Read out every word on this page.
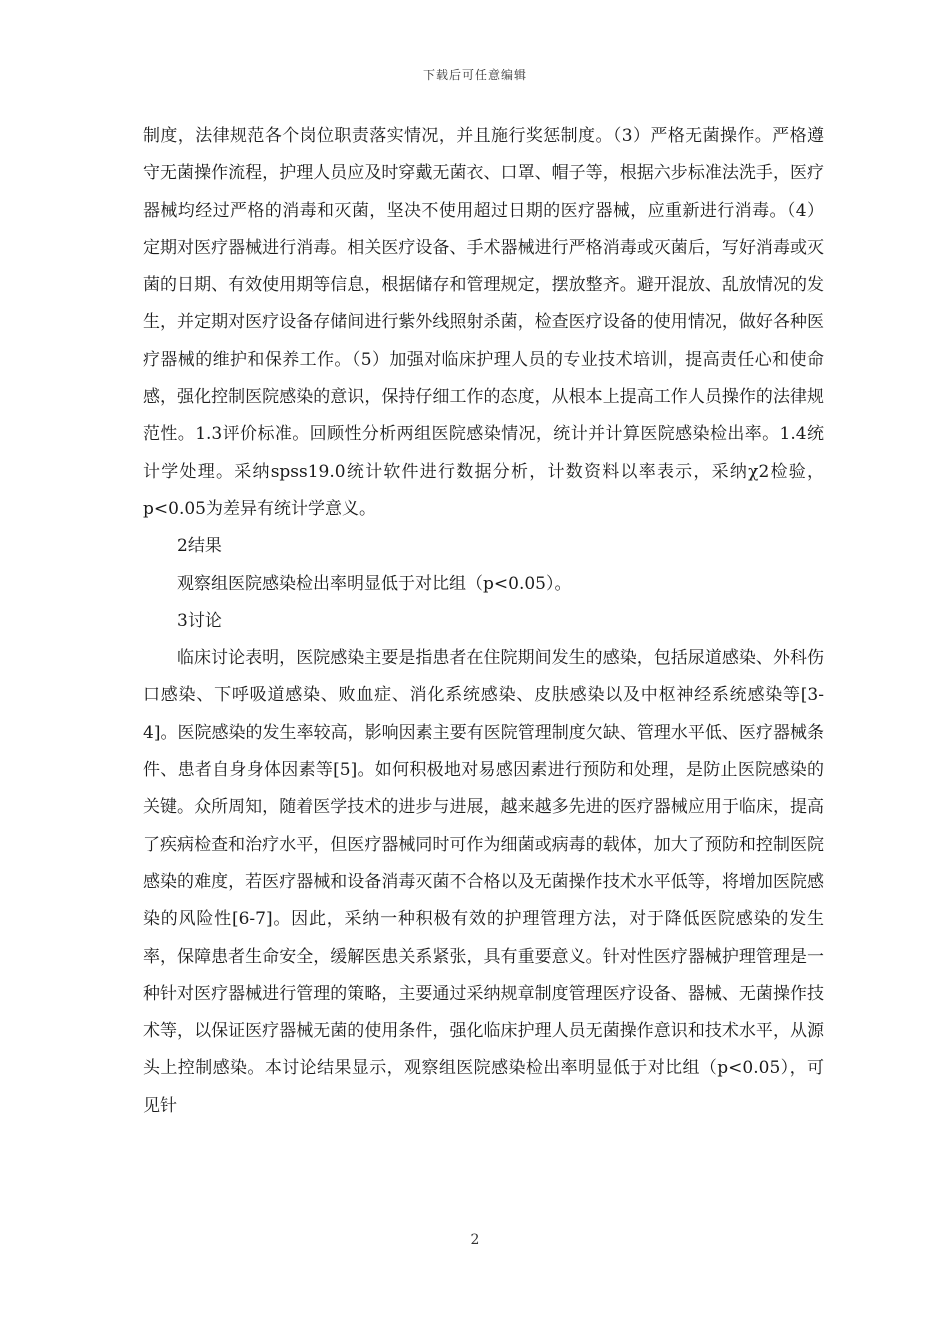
下载后可任意编辑

制度，法律规范各个岗位职责落实情况，并且施行奖惩制度。（3）严格无菌操作。严格遵守无菌操作流程，护理人员应及时穿戴无菌衣、口罩、帽子等，根据六步标准法洗手，医疗器械均经过严格的消毒和灭菌，坚决不使用超过日期的医疗器械，应重新进行消毒。（4）定期对医疗器械进行消毒。相关医疗设备、手术器械进行严格消毒或灭菌后，写好消毒或灭菌的日期、有效使用期等信息，根据储存和管理规定，摆放整齐。避开混放、乱放情况的发生，并定期对医疗设备存储间进行紫外线照射杀菌，检查医疗设备的使用情况，做好各种医疗器械的维护和保养工作。（5）加强对临床护理人员的专业技术培训，提高责任心和使命感，强化控制医院感染的意识，保持仔细工作的态度，从根本上提高工作人员操作的法律规范性。1.3评价标准。回顾性分析两组医院感染情况，统计并计算医院感染检出率。1.4统计学处理。采纳spss19.0统计软件进行数据分析，计数资料以率表示，采纳χ2检验，p<0.05为差异有统计学意义。

2结果

观察组医院感染检出率明显低于对比组（p<0.05）。

3讨论

临床讨论表明，医院感染主要是指患者在住院期间发生的感染，包括尿道感染、外科伤口感染、下呼吸道感染、败血症、消化系统感染、皮肤感染以及中枢神经系统感染等[3-4]。医院感染的发生率较高，影响因素主要有医院管理制度欠缺、管理水平低、医疗器械条件、患者自身身体因素等[5]。如何积极地对易感因素进行预防和处理，是防止医院感染的关键。众所周知，随着医学技术的进步与进展，越来越多先进的医疗器械应用于临床，提高了疾病检查和治疗水平，但医疗器械同时可作为细菌或病毒的载体，加大了预防和控制医院感染的难度，若医疗器械和设备消毒灭菌不合格以及无菌操作技术水平低等，将增加医院感染的风险性[6-7]。因此，采纳一种积极有效的护理管理方法，对于降低医院感染的发生率，保障患者生命安全，缓解医患关系紧张，具有重要意义。针对性医疗器械护理管理是一种针对医疗器械进行管理的策略，主要通过采纳规章制度管理医疗设备、器械、无菌操作技术等，以保证医疗器械无菌的使用条件，强化临床护理人员无菌操作意识和技术水平，从源头上控制感染。本讨论结果显示，观察组医院感染检出率明显低于对比组（p<0.05），可见针

2
